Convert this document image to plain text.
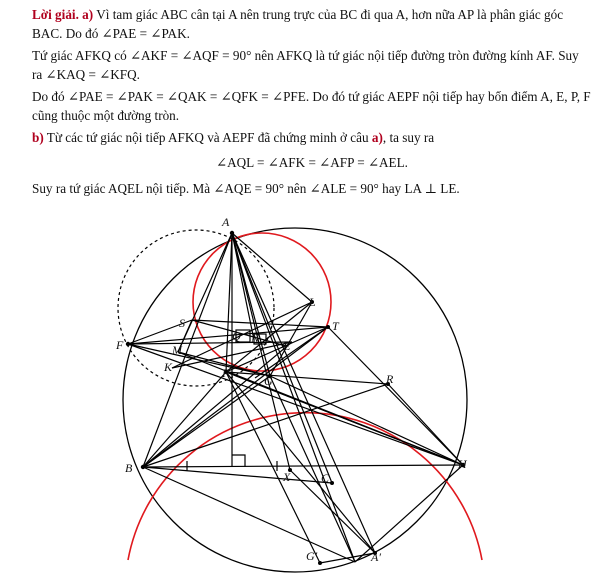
Lời giải. a) Vì tam giác ABC cân tại A nên trung trực của BC đi qua A, hơn nữa AP là phân giác góc BAC. Do đó ∠PAE = ∠PAK.

Tứ giác AFKQ có ∠AKF = ∠AQF = 90° nên AFKQ là tứ giác nội tiếp đường tròn đường kính AF. Suy ra ∠KAQ = ∠KFQ.

Do đó ∠PAE = ∠PAK = ∠QAK = ∠QFK = ∠PFE. Do đó tứ giác AEPF nội tiếp hay bốn điểm A, E, P, F cũng thuộc một đường tròn.

b) Từ các tứ giác nội tiếp AFKQ và AEPF đã chứng minh ở câu a), ta suy ra

∠AQL = ∠AFK = ∠AFP = ∠AEL.

Suy ra tứ giác AQEL nội tiếp. Mà ∠AQE = 90° nên ∠ALE = 90° hay LA ⊥ LE.

A
L
S	T
F
Q N
E
M
K	P
G	R
B	H
X	C
G′	A′
